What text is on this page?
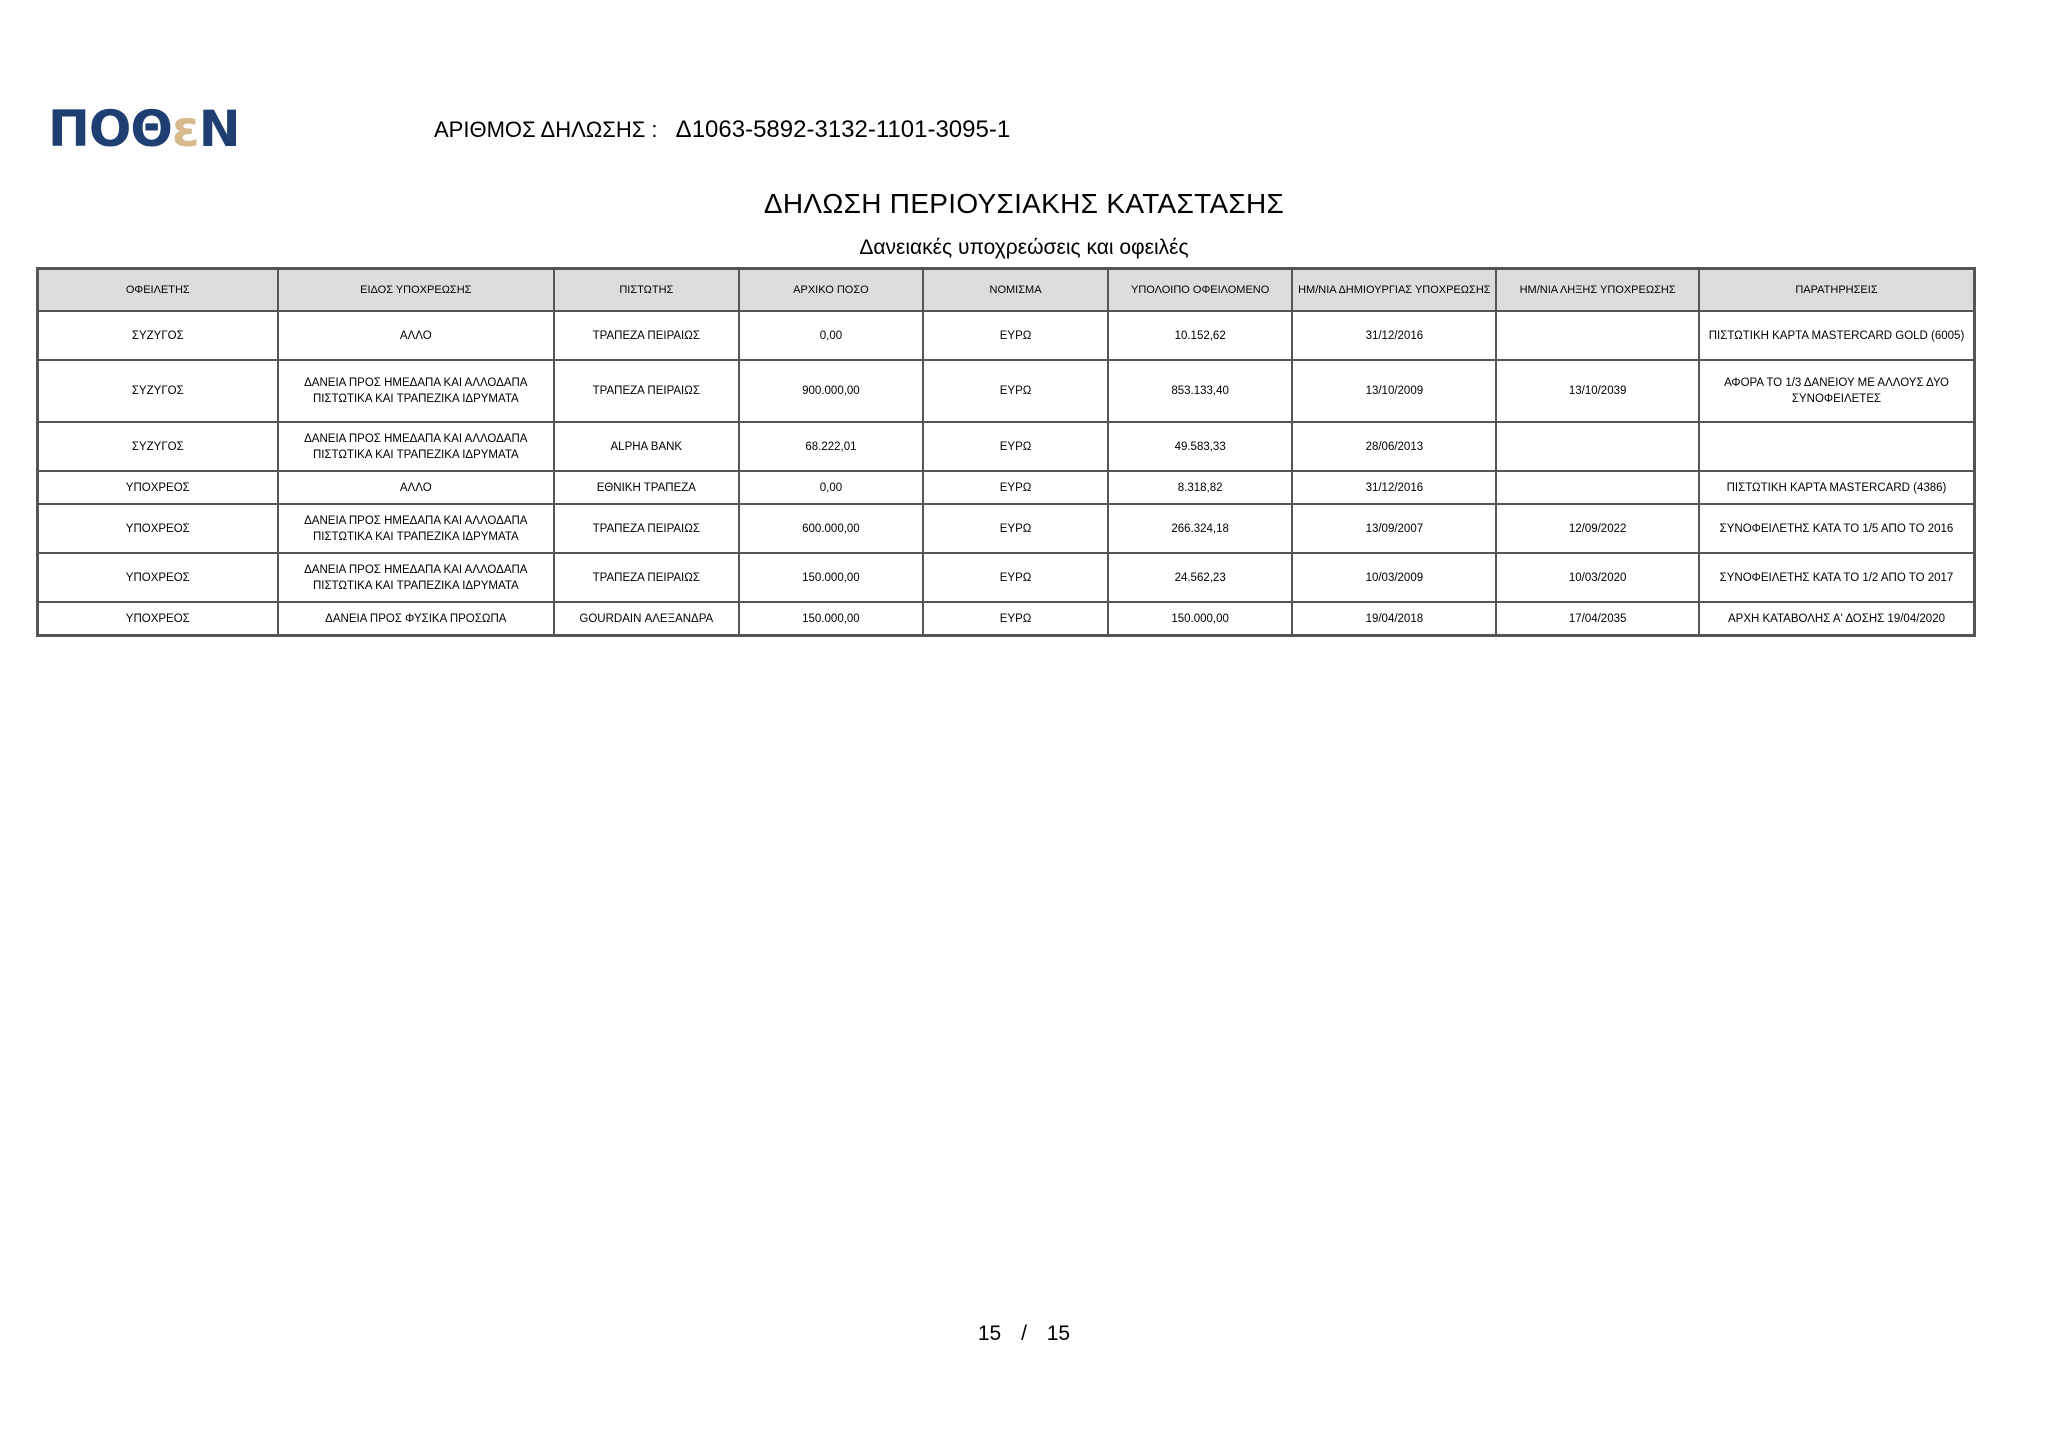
ΠΟΘ ε Ν	ΑΡΙΘΜΟΣ ΔΗΛΩΣΗΣ : Δ1063-5892-3132-1101-3095-1
ΔΗΛΩΣΗ ΠΕΡΙΟΥΣΙΑΚΗΣ ΚΑΤΑΣΤΑΣΗΣ
Δανειακές υποχρεώσεις και οφειλές
ΟΦΕΙΛΕΤΗΣ	ΕΙΔΟΣ ΥΠΟΧΡΕΩΣΗΣ	ΠΙΣΤΩΤΗΣ	ΑΡΧΙΚΟ ΠΟΣΟ	ΝΟΜΙΣΜΑ	ΥΠΟΛΟΙΠΟ ΟΦΕΙΛΟΜΕΝΟ	ΗΜ/ΝΙΑ ΔΗΜΙΟΥΡΓΙΑΣ ΥΠΟΧΡΕΩΣΗΣ	ΗΜ/ΝΙΑ ΛΗΞΗΣ ΥΠΟΧΡΕΩΣΗΣ	ΠΑΡΑΤΗΡΗΣΕΙΣ
ΣΥΖΥΓΟΣ	ΑΛΛΟ	ΤΡΑΠΕΖΑ ΠΕΙΡΑΙΩΣ	0,00	ΕΥΡΩ	10.152,62	31/12/2016		ΠΙΣΤΩΤΙΚΗ ΚΑΡΤΑ MASTERCARD GOLD (6005)
ΣΥΖΥΓΟΣ	ΔΑΝΕΙΑ ΠΡΟΣ ΗΜΕΔΑΠΑ ΚΑΙ ΑΛΛΟΔΑΠΑ ΠΙΣΤΩΤΙΚΑ ΚΑΙ ΤΡΑΠΕΖΙΚΑ ΙΔΡΥΜΑΤΑ	ΤΡΑΠΕΖΑ ΠΕΙΡΑΙΩΣ	900.000,00	ΕΥΡΩ	853.133,40	13/10/2009	13/10/2039	ΑΦΟΡΑ ΤΟ 1/3 ΔΑΝΕΙΟΥ ΜΕ ΑΛΛΟΥΣ ΔΥΟ ΣΥΝΟΦΕΙΛΕΤΕΣ
ΣΥΖΥΓΟΣ	ΔΑΝΕΙΑ ΠΡΟΣ ΗΜΕΔΑΠΑ ΚΑΙ ΑΛΛΟΔΑΠΑ ΠΙΣΤΩΤΙΚΑ ΚΑΙ ΤΡΑΠΕΖΙΚΑ ΙΔΡΥΜΑΤΑ	ALPHA BANK	68.222,01	ΕΥΡΩ	49.583,33	28/06/2013		
ΥΠΟΧΡΕΟΣ	ΑΛΛΟ	ΕΘΝΙΚΗ ΤΡΑΠΕΖΑ	0,00	ΕΥΡΩ	8.318,82	31/12/2016		ΠΙΣΤΩΤΙΚΗ ΚΑΡΤΑ MASTERCARD (4386)
ΥΠΟΧΡΕΟΣ	ΔΑΝΕΙΑ ΠΡΟΣ ΗΜΕΔΑΠΑ ΚΑΙ ΑΛΛΟΔΑΠΑ ΠΙΣΤΩΤΙΚΑ ΚΑΙ ΤΡΑΠΕΖΙΚΑ ΙΔΡΥΜΑΤΑ	ΤΡΑΠΕΖΑ ΠΕΙΡΑΙΩΣ	600.000,00	ΕΥΡΩ	266.324,18	13/09/2007	12/09/2022	ΣΥΝΟΦΕΙΛΕΤΗΣ ΚΑΤΑ ΤΟ 1/5 ΑΠΟ ΤΟ 2016
ΥΠΟΧΡΕΟΣ	ΔΑΝΕΙΑ ΠΡΟΣ ΗΜΕΔΑΠΑ ΚΑΙ ΑΛΛΟΔΑΠΑ ΠΙΣΤΩΤΙΚΑ ΚΑΙ ΤΡΑΠΕΖΙΚΑ ΙΔΡΥΜΑΤΑ	ΤΡΑΠΕΖΑ ΠΕΙΡΑΙΩΣ	150.000,00	ΕΥΡΩ	24.562,23	10/03/2009	10/03/2020	ΣΥΝΟΦΕΙΛΕΤΗΣ ΚΑΤΑ ΤΟ 1/2 ΑΠΟ ΤΟ 2017
ΥΠΟΧΡΕΟΣ	ΔΑΝΕΙΑ ΠΡΟΣ ΦΥΣΙΚΑ ΠΡΟΣΩΠΑ	GOURDAIN ΑΛΕΞΑΝΔΡΑ	150.000,00	ΕΥΡΩ	150.000,00	19/04/2018	17/04/2035	ΑΡΧΗ ΚΑΤΑΒΟΛΗΣ Α' ΔΟΣΗΣ 19/04/2020
15 / 15
